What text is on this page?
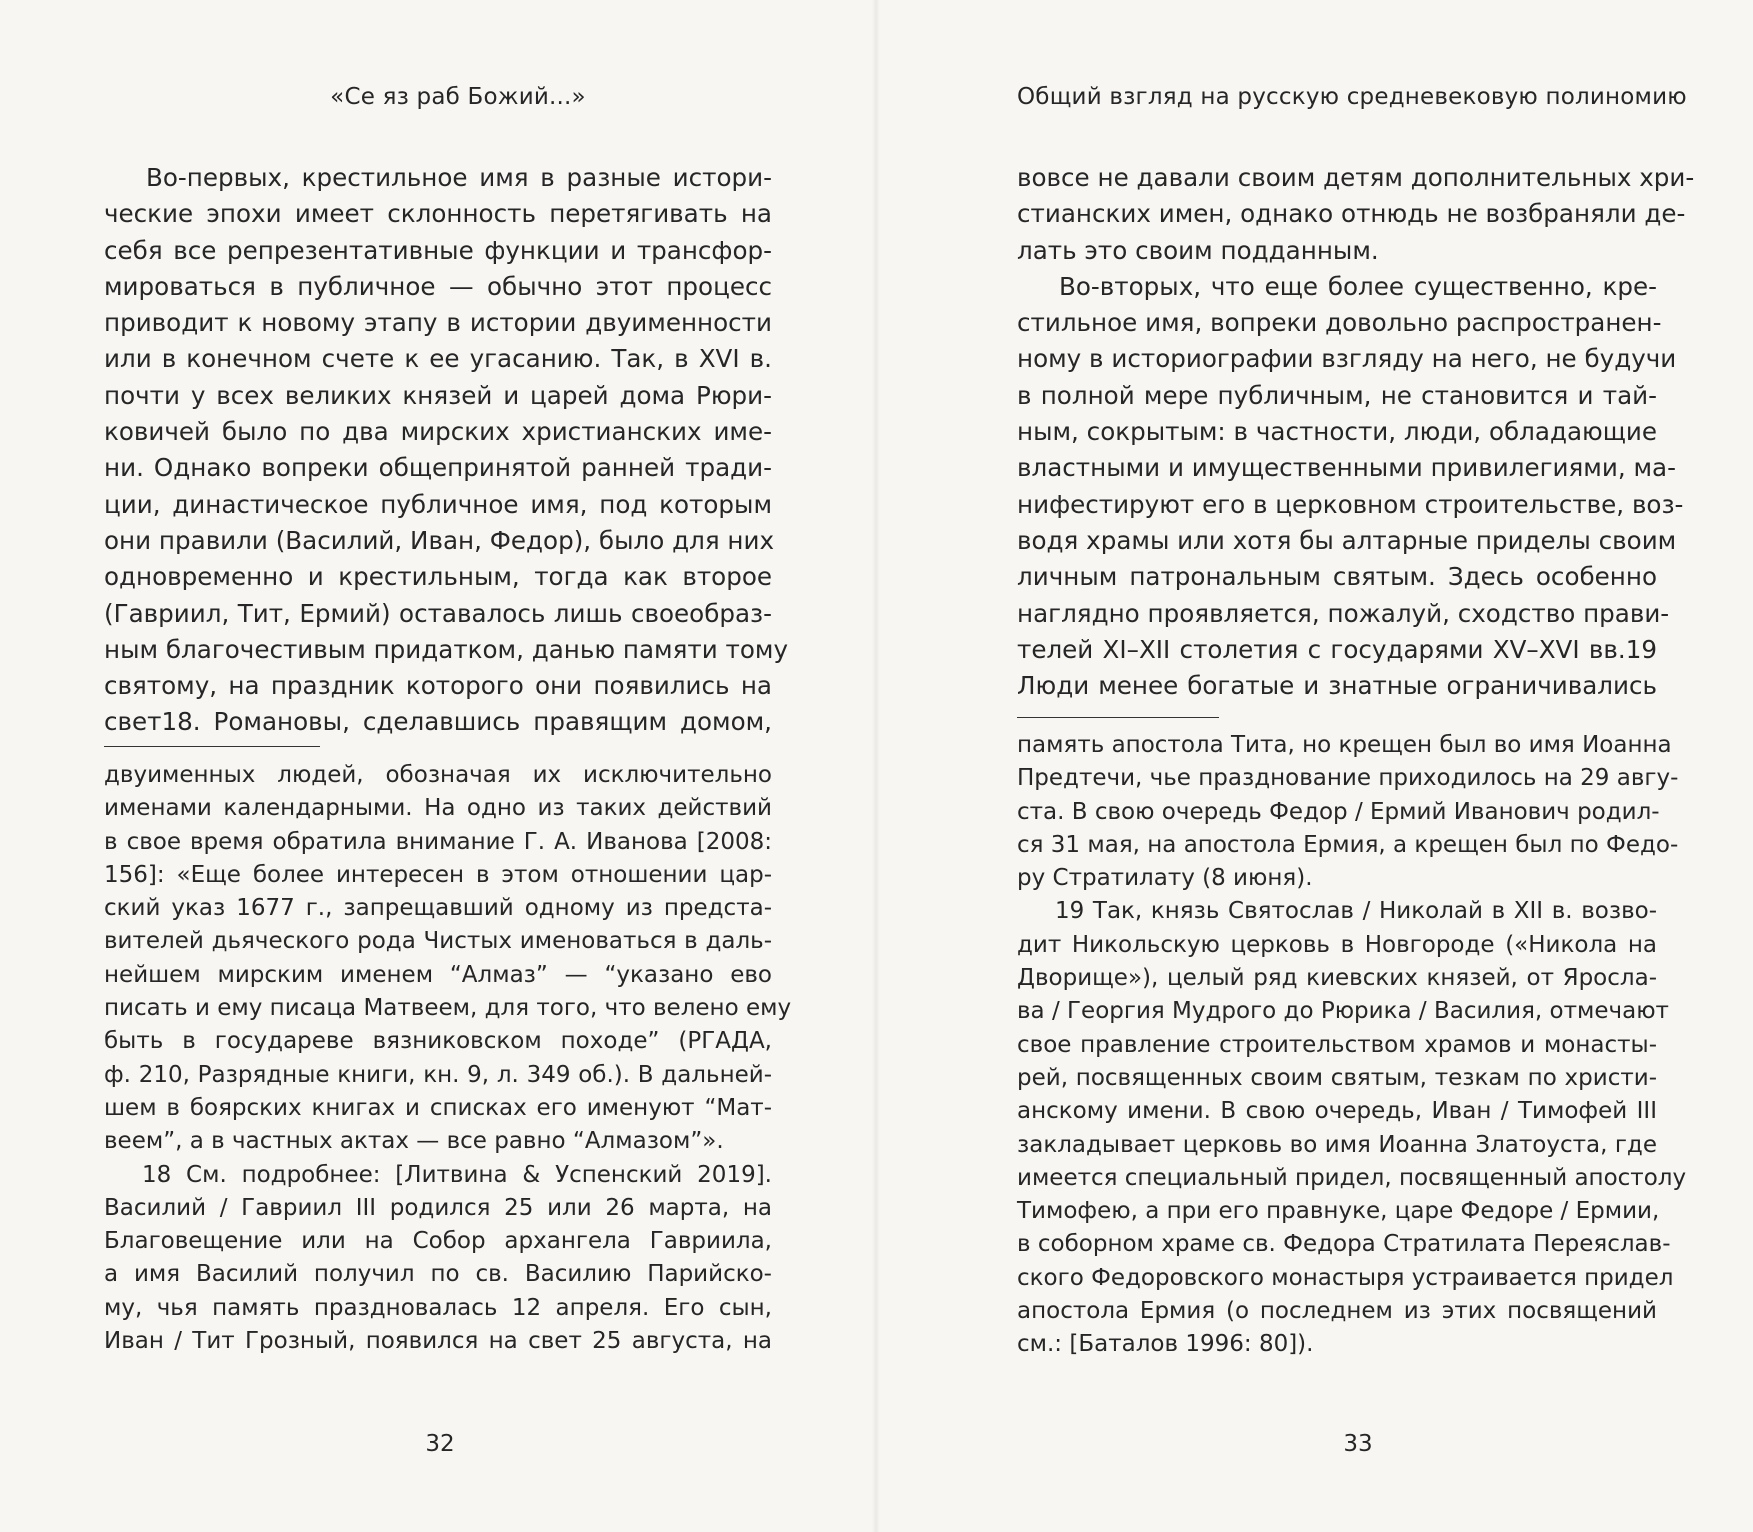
«Се яз раб Божий...»
Во-первых, крестильное имя в разные истори-
ческие эпохи имеет склонность перетягивать на
себя все репрезентативные функции и трансфор-
мироваться в публичное — обычно этот процесс
приводит к новому этапу в истории двуименности
или в конечном счете к ее угасанию. Так, в XVI в.
почти у всех великих князей и царей дома Рюри-
ковичей было по два мирских христианских име-
ни. Однако вопреки общепринятой ранней тради-
ции, династическое публичное имя, под которым
они правили (Василий, Иван, Федор), было для них
одновременно и крестильным, тогда как второе
(Гавриил, Тит, Ермий) оставалось лишь своеобраз-
ным благочестивым придатком, данью памяти тому
святому, на праздник которого они появились на
свет18. Романовы, сделавшись правящим домом,
двуименных людей, обозначая их исключительно
именами календарными. На одно из таких действий
в свое время обратила внимание Г. А. Иванова [2008:
156]: «Еще более интересен в этом отношении цар-
ский указ 1677 г., запрещавший одному из предста-
вителей дьяческого рода Чистых именоваться в даль-
нейшем мирским именем “Алмаз” — “указано ево
писать и ему писаца Матвеем, для того, что велено ему
быть в государеве вязниковском походе” (РГАДА,
ф. 210, Разрядные книги, кн. 9, л. 349 об.). В дальней-
шем в боярских книгах и списках его именуют “Мат-
веем”, а в частных актах — все равно “Алмазом”».
18 См. подробнее: [Литвина & Успенский 2019].
Василий / Гавриил III родился 25 или 26 марта, на
Благовещение или на Собор архангела Гавриила,
а имя Василий получил по св. Василию Парийско-
му, чья память праздновалась 12 апреля. Его сын,
Иван / Тит Грозный, появился на свет 25 августа, на
32
Общий взгляд на русскую средневековую полиномию
вовсе не давали своим детям дополнительных хри-
стианских имен, однако отнюдь не возбраняли де-
лать это своим подданным.
Во-вторых, что еще более существенно, кре-
стильное имя, вопреки довольно распространен-
ному в историографии взгляду на него, не будучи
в полной мере публичным, не становится и тай-
ным, сокрытым: в частности, люди, обладающие
властными и имущественными привилегиями, ма-
нифестируют его в церковном строительстве, воз-
водя храмы или хотя бы алтарные приделы своим
личным патрональным святым. Здесь особенно
наглядно проявляется, пожалуй, сходство прави-
телей XI–XII столетия с государями XV–XVI вв.19
Люди менее богатые и знатные ограничивались
память апостола Тита, но крещен был во имя Иоанна
Предтечи, чье празднование приходилось на 29 авгу-
ста. В свою очередь Федор / Ермий Иванович родил-
ся 31 мая, на апостола Ермия, а крещен был по Федо-
ру Стратилату (8 июня).
19 Так, князь Святослав / Николай в XII в. возво-
дит Никольскую церковь в Новгороде («Никола на
Дворище»), целый ряд киевских князей, от Яросла-
ва / Георгия Мудрого до Рюрика / Василия, отмечают
свое правление строительством храмов и монасты-
рей, посвященных своим святым, тезкам по христи-
анскому имени. В свою очередь, Иван / Тимофей III
закладывает церковь во имя Иоанна Златоуста, где
имеется специальный придел, посвященный апостолу
Тимофею, а при его правнуке, царе Федоре / Ермии,
в соборном храме св. Федора Стратилата Переяслав-
ского Федоровского монастыря устраивается придел
апостола Ермия (о последнем из этих посвящений
см.: [Баталов 1996: 80]).
33
